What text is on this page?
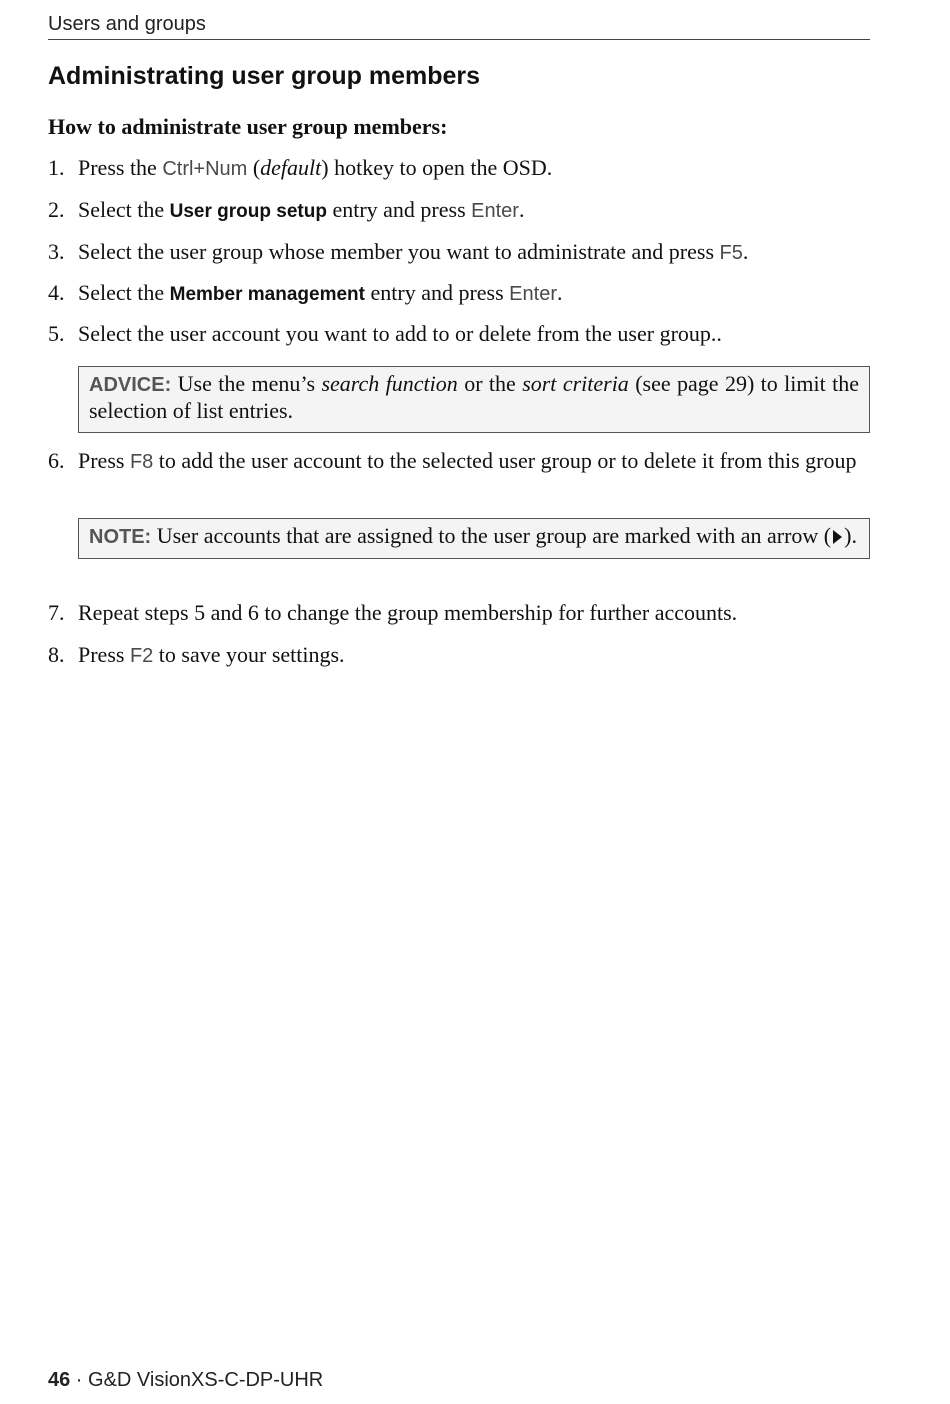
Users and groups
Administrating user group members
How to administrate user group members:
1. Press the Ctrl+Num (default) hotkey to open the OSD.
2. Select the User group setup entry and press Enter.
3. Select the user group whose member you want to administrate and press F5.
4. Select the Member management entry and press Enter.
5. Select the user account you want to add to or delete from the user group..
ADVICE: Use the menu’s search function or the sort criteria (see page 29) to limit the selection of list entries.
6. Press F8 to add the user account to the selected user group or to delete it from this group
NOTE: User accounts that are assigned to the user group are marked with an arrow ( ).
7. Repeat steps 5 and 6 to change the group membership for further accounts.
8. Press F2 to save your settings.
46 · G&D VisionXS-C-DP-UHR
